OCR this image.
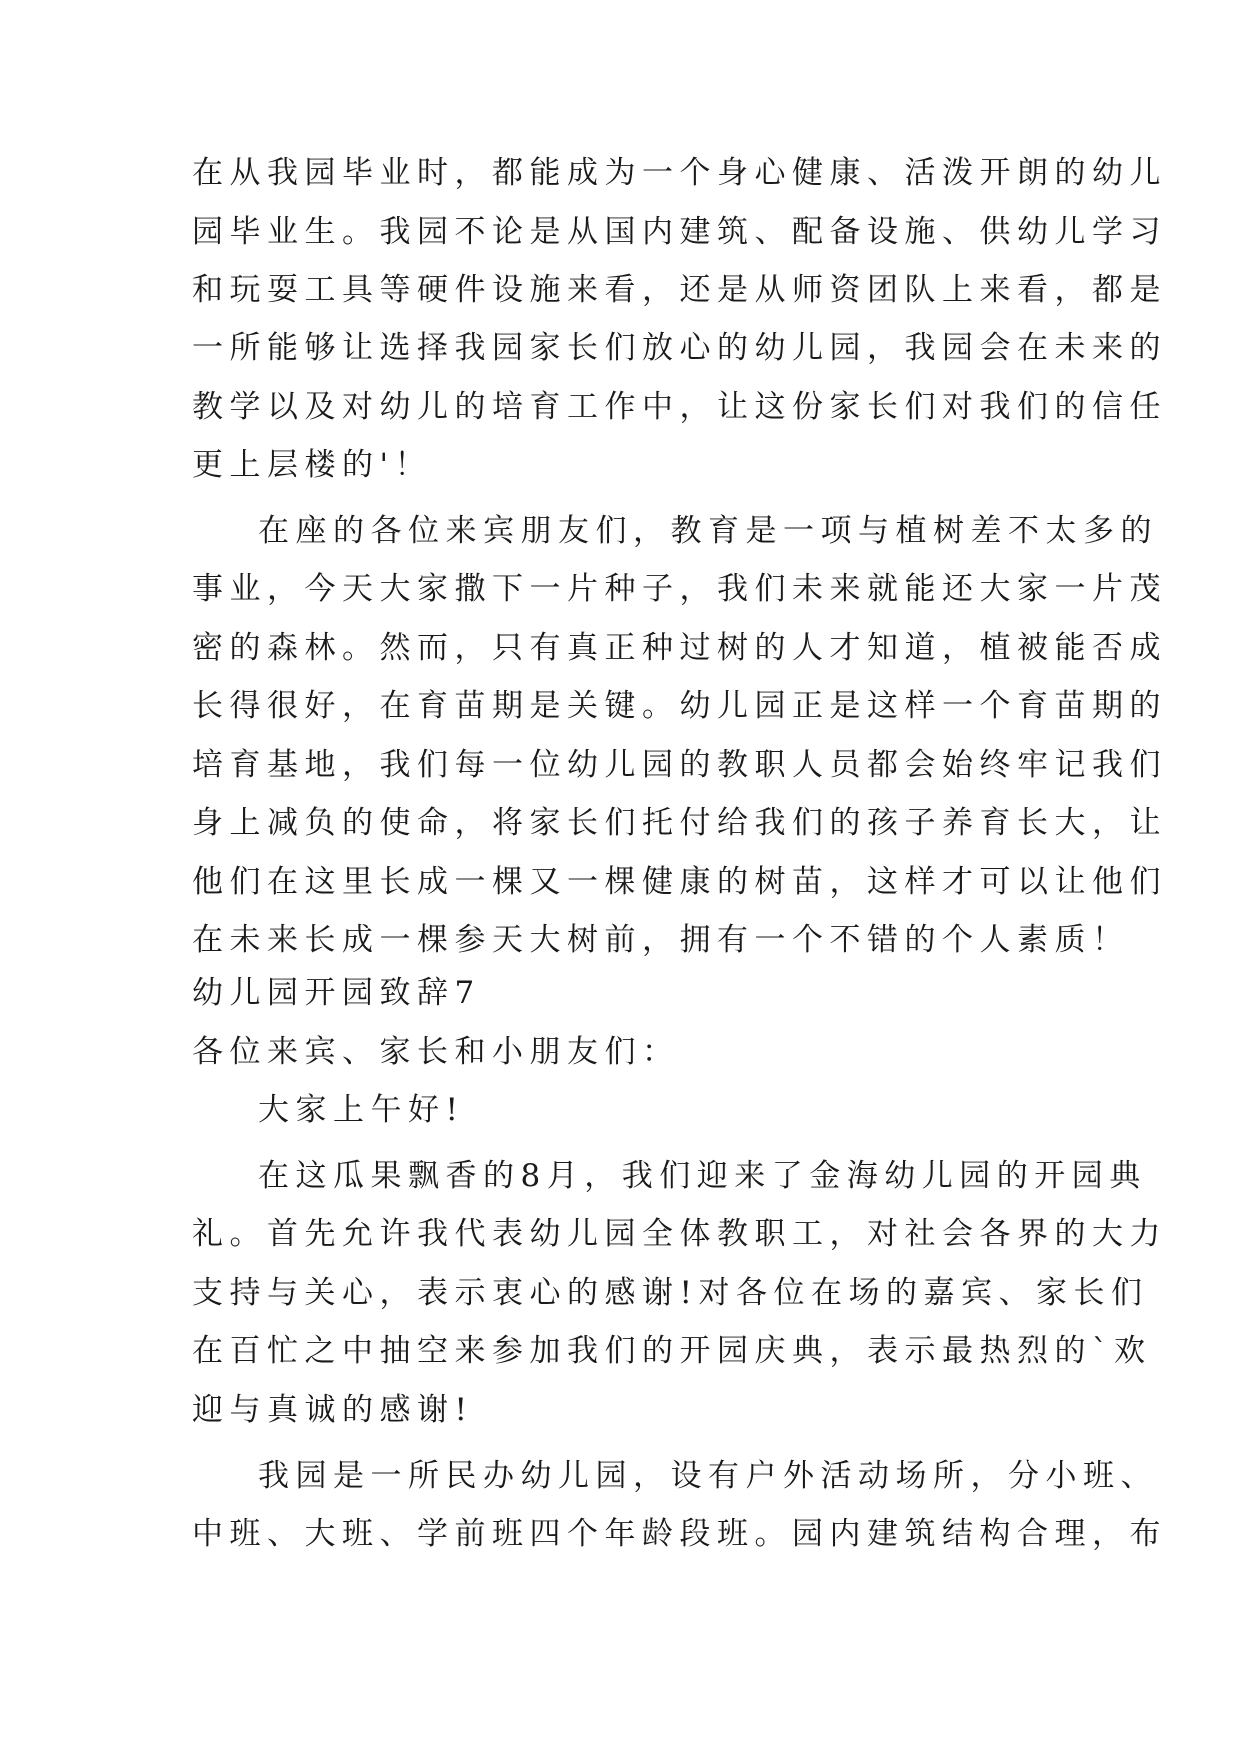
在从我园毕业时，都能成为一个身心健康、活泼开朗的幼儿
园毕业生。我园不论是从国内建筑、配备设施、供幼儿学习
和玩耍工具等硬件设施来看，还是从师资团队上来看，都是
一所能够让选择我园家长们放心的幼儿园，我园会在未来的
教学以及对幼儿的培育工作中，让这份家长们对我们的信任
更上层楼的'！
在座的各位来宾朋友们，教育是一项与植树差不太多的
事业，今天大家撒下一片种子，我们未来就能还大家一片茂
密的森林。然而，只有真正种过树的人才知道，植被能否成
长得很好，在育苗期是关键。幼儿园正是这样一个育苗期的
培育基地，我们每一位幼儿园的教职人员都会始终牢记我们
身上减负的使命，将家长们托付给我们的孩子养育长大，让
他们在这里长成一棵又一棵健康的树苗，这样才可以让他们
在未来长成一棵参天大树前，拥有一个不错的个人素质！
幼儿园开园致辞7
各位来宾、家长和小朋友们：
大家上午好!
在这瓜果飘香的8月，我们迎来了金海幼儿园的开园典
礼。首先允许我代表幼儿园全体教职工，对社会各界的大力
支持与关心，表示衷心的感谢!对各位在场的嘉宾、家长们
在百忙之中抽空来参加我们的开园庆典，表示最热烈的`欢
迎与真诚的感谢!
我园是一所民办幼儿园，设有户外活动场所，分小班、
中班、大班、学前班四个年龄段班。园内建筑结构合理，布
